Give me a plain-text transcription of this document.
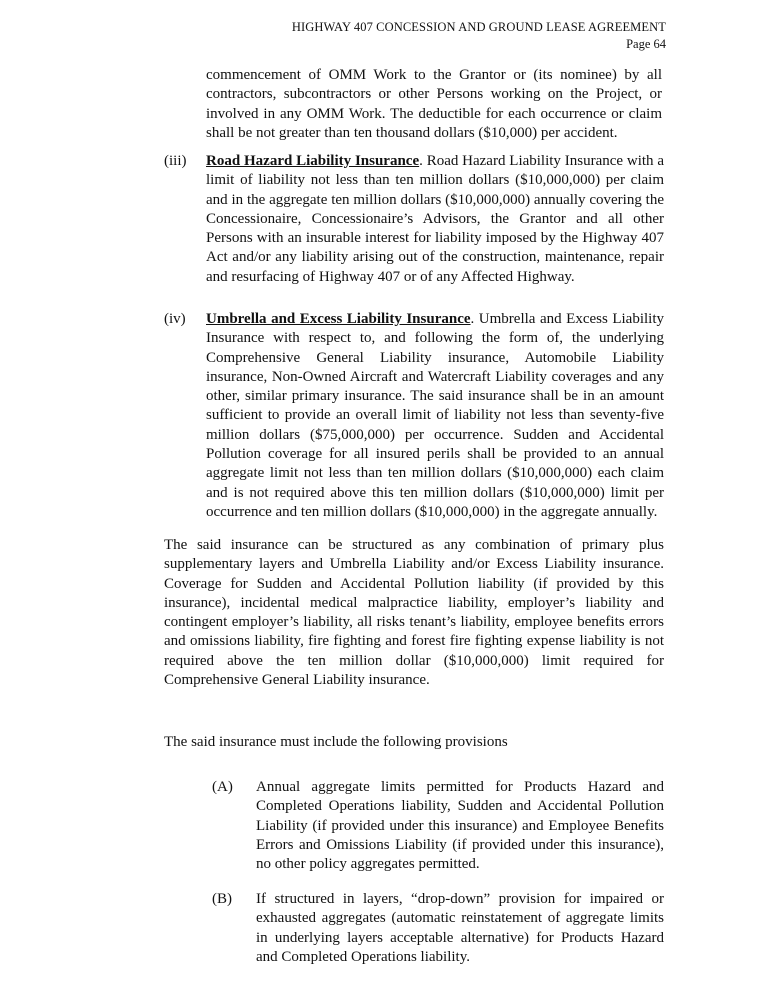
HIGHWAY 407 CONCESSION AND GROUND LEASE AGREEMENT
Page 64
commencement of OMM Work to the Grantor or (its nominee) by all contractors, subcontractors or other Persons working on the Project, or involved in any OMM Work. The deductible for each occurrence or claim shall be not greater than ten thousand dollars ($10,000) per accident.
(iii)	Road Hazard Liability Insurance. Road Hazard Liability Insurance with a limit of liability not less than ten million dollars ($10,000,000) per claim and in the aggregate ten million dollars ($10,000,000) annually covering the Concessionaire, Concessionaire’s Advisors, the Grantor and all other Persons with an insurable interest for liability imposed by the Highway 407 Act and/or any liability arising out of the construction, maintenance, repair and resurfacing of Highway 407 or of any Affected Highway.
(iv)	Umbrella and Excess Liability Insurance. Umbrella and Excess Liability Insurance with respect to, and following the form of, the underlying Comprehensive General Liability insurance, Automobile Liability insurance, Non-Owned Aircraft and Watercraft Liability coverages and any other, similar primary insurance. The said insurance shall be in an amount sufficient to provide an overall limit of liability not less than seventy-five million dollars ($75,000,000) per occurrence. Sudden and Accidental Pollution coverage for all insured perils shall be provided to an annual aggregate limit not less than ten million dollars ($10,000,000) each claim and is not required above this ten million dollars ($10,000,000) limit per occurrence and ten million dollars ($10,000,000) in the aggregate annually.
The said insurance can be structured as any combination of primary plus supplementary layers and Umbrella Liability and/or Excess Liability insurance. Coverage for Sudden and Accidental Pollution liability (if provided by this insurance), incidental medical malpractice liability, employer’s liability and contingent employer’s liability, all risks tenant’s liability, employee benefits errors and omissions liability, fire fighting and forest fire fighting expense liability is not required above the ten million dollar ($10,000,000) limit required for Comprehensive General Liability insurance.
The said insurance must include the following provisions
(A)	Annual aggregate limits permitted for Products Hazard and Completed Operations liability, Sudden and Accidental Pollution Liability (if provided under this insurance) and Employee Benefits Errors and Omissions Liability (if provided under this insurance), no other policy aggregates permitted.
(B)	If structured in layers, “drop-down” provision for impaired or exhausted aggregates (automatic reinstatement of aggregate limits in underlying layers acceptable alternative) for Products Hazard and Completed Operations liability.
